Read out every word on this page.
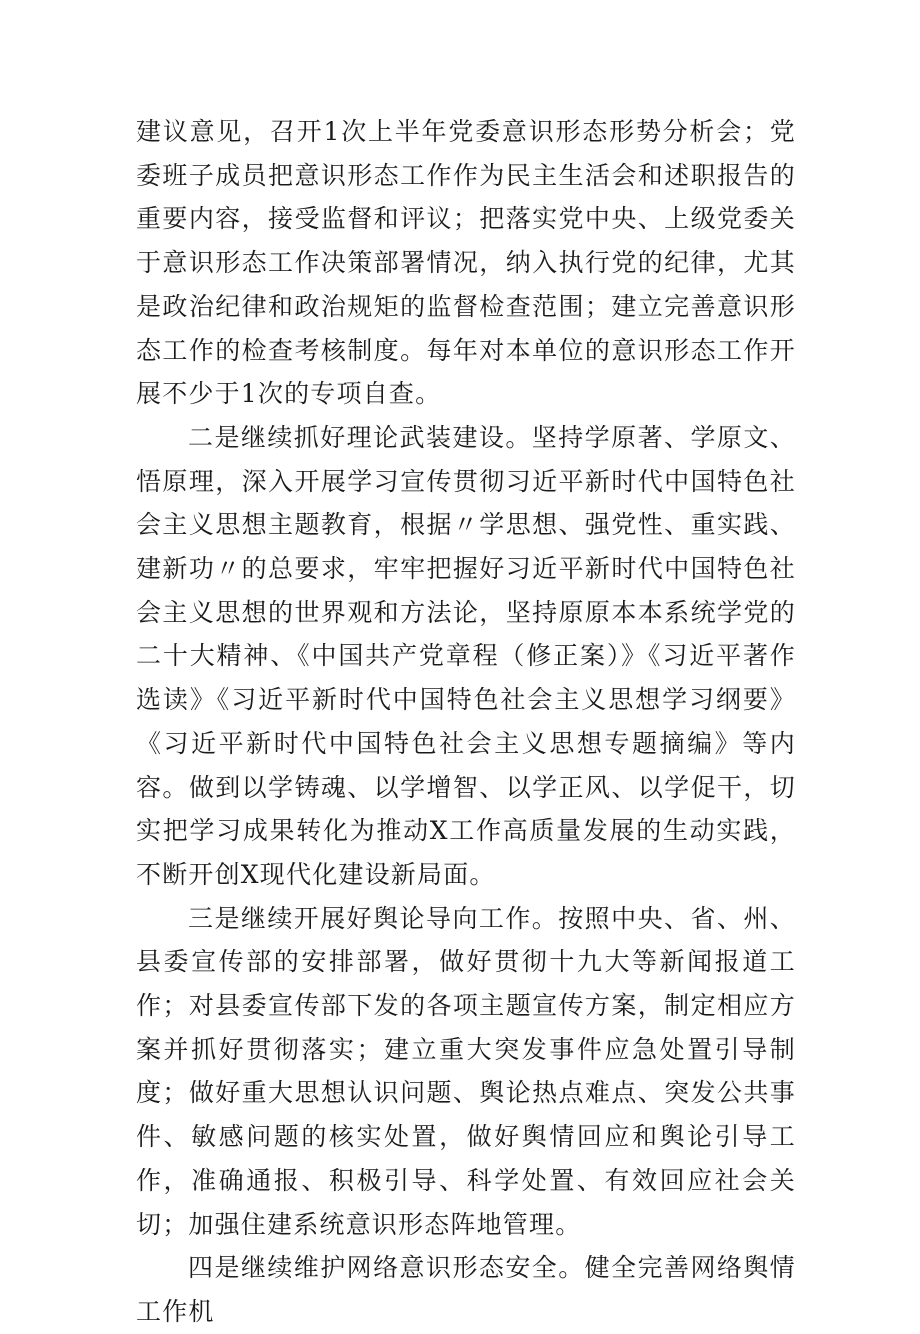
建议意见，召开1次上半年党委意识形态形势分析会；党委班子成员把意识形态工作作为民主生活会和述职报告的重要内容，接受监督和评议；把落实党中央、上级党委关于意识形态工作决策部署情况，纳入执行党的纪律，尤其是政治纪律和政治规矩的监督检查范围；建立完善意识形态工作的检查考核制度。每年对本单位的意识形态工作开展不少于1次的专项自查。

二是继续抓好理论武装建设。坚持学原著、学原文、悟原理，深入开展学习宣传贯彻习近平新时代中国特色社会主义思想主题教育，根据〃学思想、强党性、重实践、建新功〃的总要求，牢牢把握好习近平新时代中国特色社会主义思想的世界观和方法论，坚持原原本本系统学党的二十大精神、《中国共产党章程（修正案）》《习近平著作选读》《习近平新时代中国特色社会主义思想学习纲要》《习近平新时代中国特色社会主义思想专题摘编》等内容。做到以学铸魂、以学增智、以学正风、以学促干，切实把学习成果转化为推动X工作高质量发展的生动实践，不断开创X现代化建设新局面。

三是继续开展好舆论导向工作。按照中央、省、州、县委宣传部的安排部署，做好贯彻十九大等新闻报道工作；对县委宣传部下发的各项主题宣传方案，制定相应方案并抓好贯彻落实；建立重大突发事件应急处置引导制度；做好重大思想认识问题、舆论热点难点、突发公共事件、敏感问题的核实处置，做好舆情回应和舆论引导工作，准确通报、积极引导、科学处置、有效回应社会关切；加强住建系统意识形态阵地管理。

四是继续维护网络意识形态安全。健全完善网络舆情工作机
